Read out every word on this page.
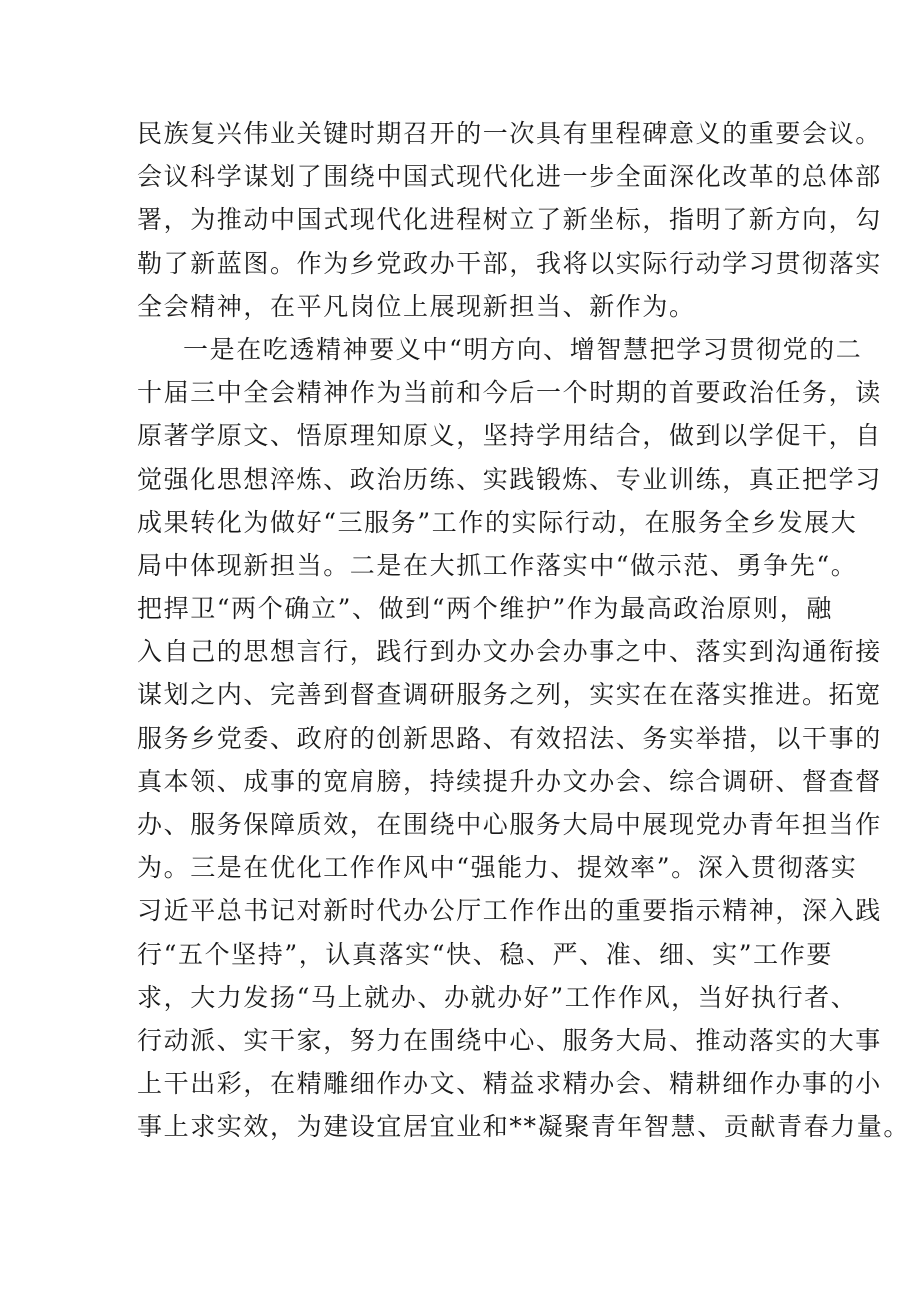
民族复兴伟业关键时期召开的一次具有里程碑意义的重要会议。
会议科学谋划了围绕中国式现代化进一步全面深化改革的总体部
署，为推动中国式现代化进程树立了新坐标，指明了新方向，勾
勒了新蓝图。作为乡党政办干部，我将以实际行动学习贯彻落实
全会精神，在平凡岗位上展现新担当、新作为。
一是在吃透精神要义中“明方向、增智慧把学习贯彻党的二
十届三中全会精神作为当前和今后一个时期的首要政治任务，读
原著学原文、悟原理知原义，坚持学用结合，做到以学促干，自
觉强化思想淬炼、政治历练、实践锻炼、专业训练，真正把学习
成果转化为做好“三服务”工作的实际行动，在服务全乡发展大
局中体现新担当。二是在大抓工作落实中“做示范、勇争先“。
把捍卫“两个确立”、做到“两个维护”作为最高政治原则，融
入自己的思想言行，践行到办文办会办事之中、落实到沟通衔接
谋划之内、完善到督查调研服务之列，实实在在落实推进。拓宽
服务乡党委、政府的创新思路、有效招法、务实举措，以干事的
真本领、成事的宽肩膀，持续提升办文办会、综合调研、督查督
办、服务保障质效，在围绕中心服务大局中展现党办青年担当作
为。三是在优化工作作风中“强能力、提效率”。深入贯彻落实
习近平总书记对新时代办公厅工作作出的重要指示精神，深入践
行“五个坚持”，认真落实“快、稳、严、准、细、实”工作要
求，大力发扬“马上就办、办就办好”工作作风，当好执行者、
行动派、实干家，努力在围绕中心、服务大局、推动落实的大事
上干出彩，在精雕细作办文、精益求精办会、精耕细作办事的小
事上求实效，为建设宜居宜业和**凝聚青年智慧、贡献青春力量。
